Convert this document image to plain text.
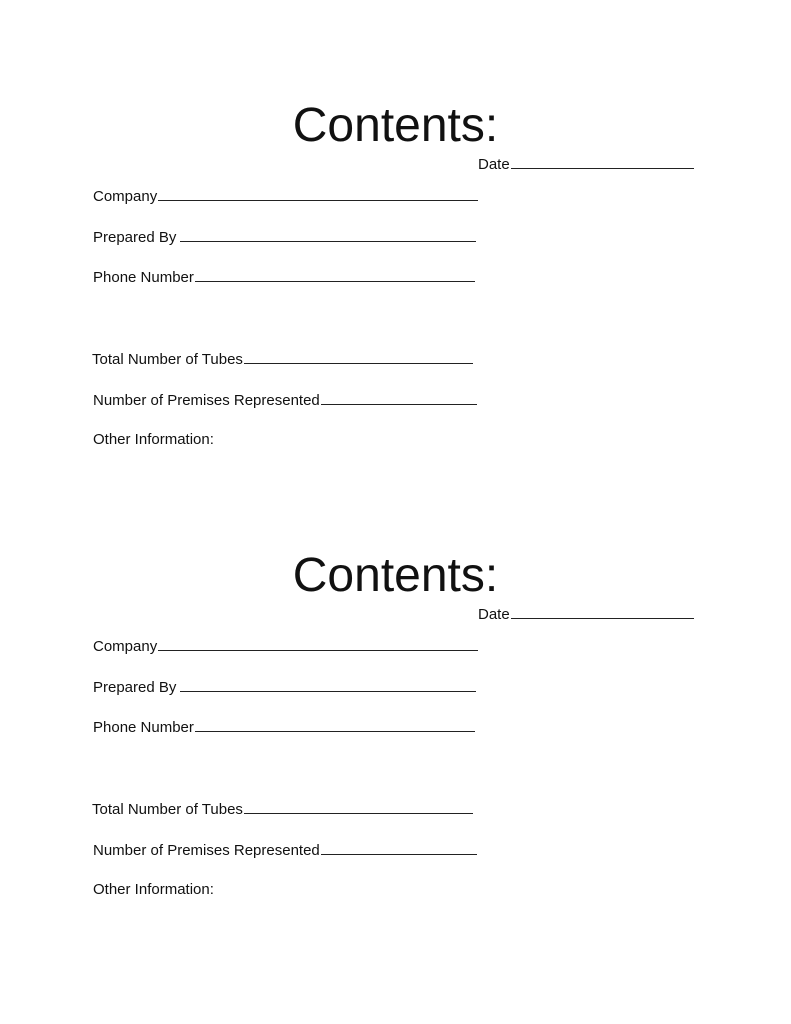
Contents:
Date
Company
Prepared By
Phone Number
Total Number of Tubes
Number of Premises Represented
Other Information:
Contents:
Date
Company
Prepared By
Phone Number
Total Number of Tubes
Number of Premises Represented
Other Information:
